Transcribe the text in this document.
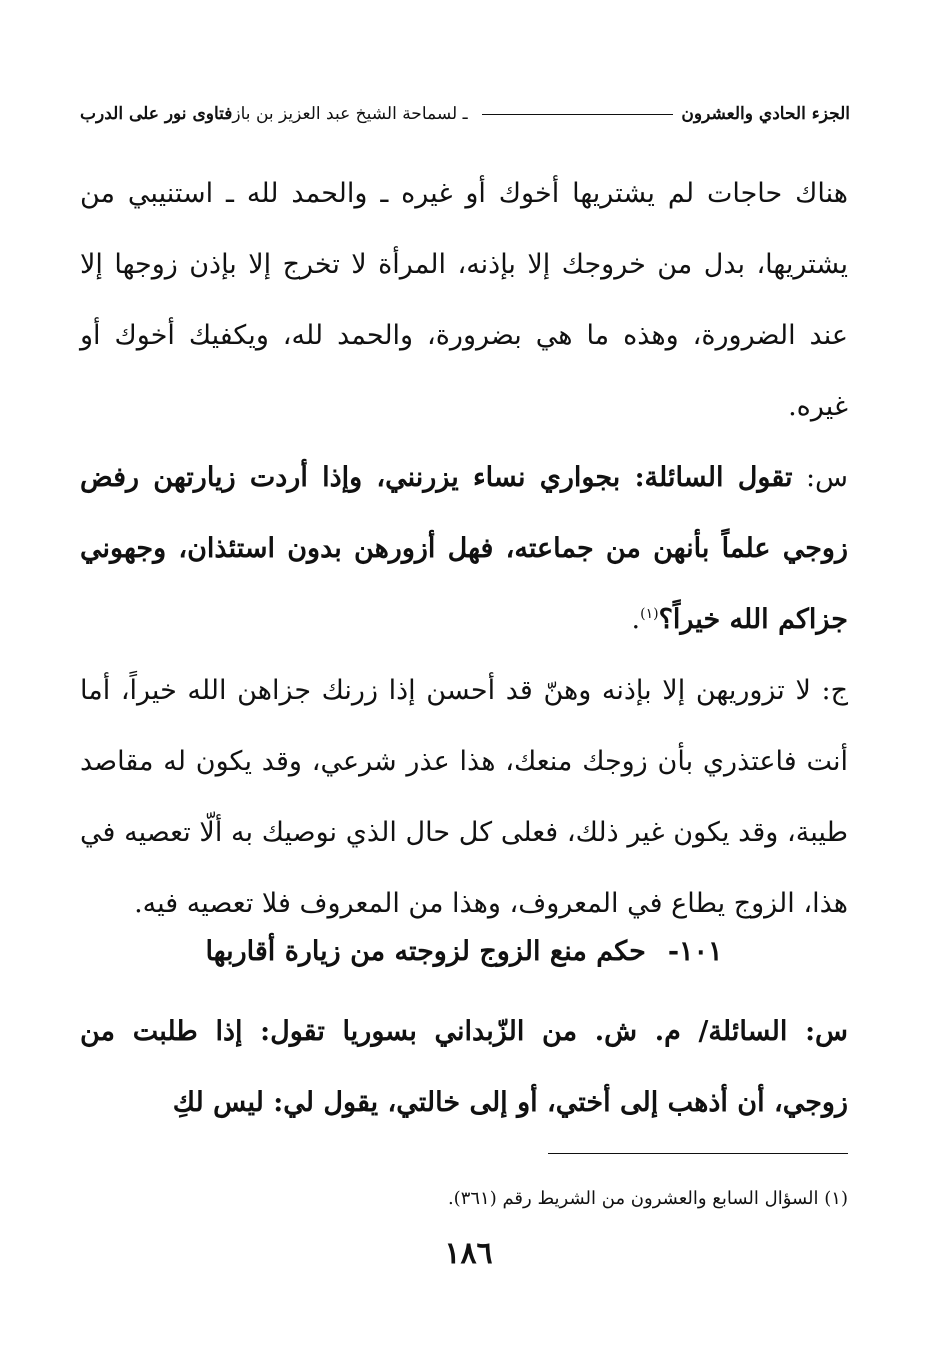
فتاوى نور على الدرب ـ لسماحة الشيخ عبد العزيز بن باز	الجزء الحادي والعشرون

هناك حاجات لم يشتريها أخوك أو غيره ـ والحمد لله ـ استنيبي من يشتريها، بدل من خروجك إلا بإذنه، المرأة لا تخرج إلا بإذن زوجها إلا عند الضرورة، وهذه ما هي بضرورة، والحمد لله، ويكفيك أخوك أو غيره.

س: تقول السائلة: بجواري نساء يزرنني، وإذا أردت زيارتهن رفض زوجي علماً بأنهن من جماعته، فهل أزورهن بدون استئذان، وجهوني جزاكم الله خيراً؟$^{(١)}$.

ج: لا تزوريهن إلا بإذنه وهنّ قد أحسن إذا زرنك جزاهن الله خيراً، أما أنت فاعتذري بأن زوجك منعك، هذا عذر شرعي، وقد يكون له مقاصد طيبة، وقد يكون غير ذلك، فعلى كل حال الذي نوصيك به ألّا تعصيه في هذا، الزوج يطاع في المعروف، وهذا من المعروف فلا تعصيه فيه.

١٠١-حكم منع الزوج لزوجته من زيارة أقاربها

س: السائلة/ م. ش. من الزّبداني بسوريا تقول: إذا طلبت من زوجي، أن أذهب إلى أختي، أو إلى خالتي، يقول لي: ليس لكِ

(١) السؤال السابع والعشرون من الشريط رقم (٣٦١).
١٨٦
